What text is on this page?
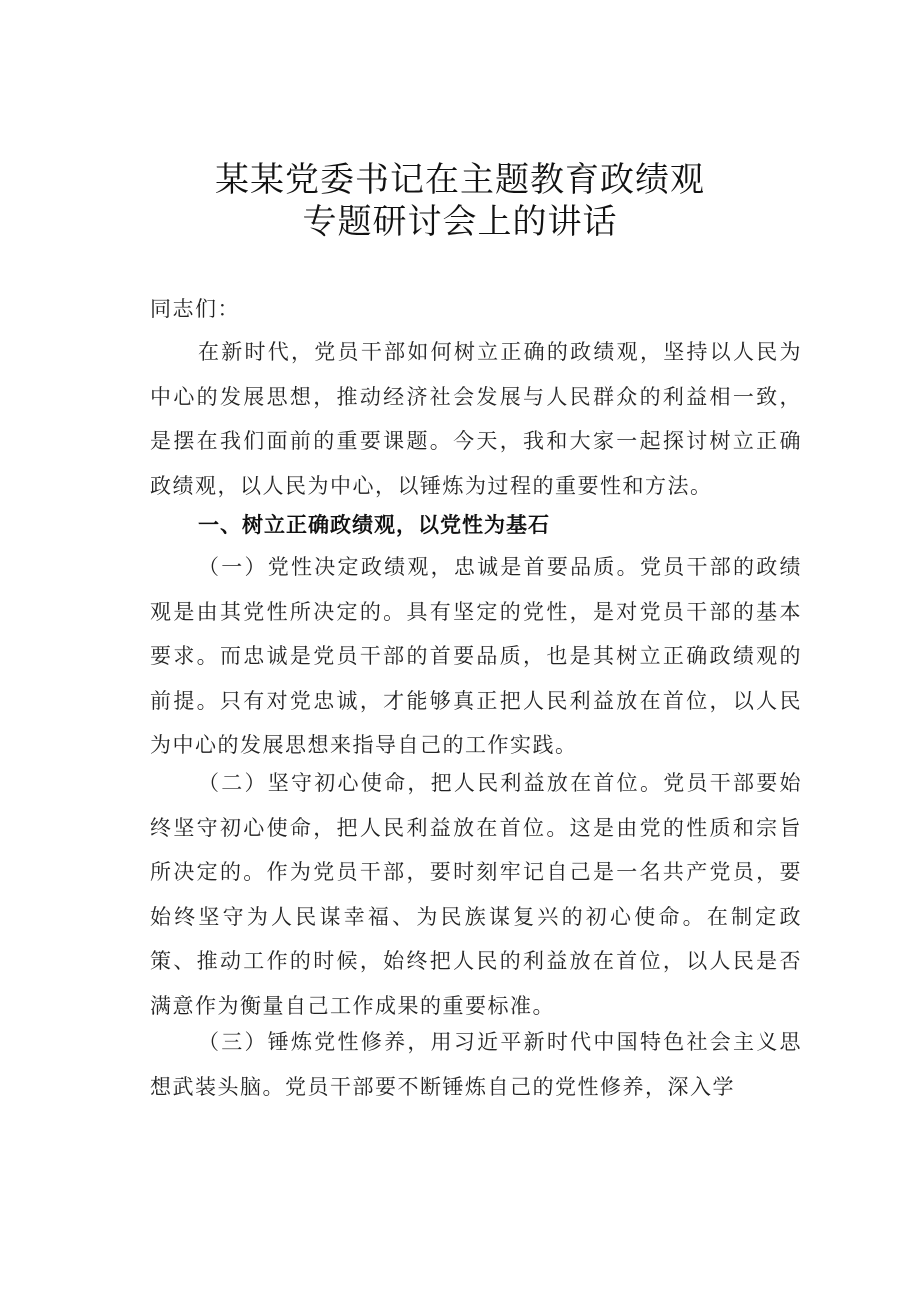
某某党委书记在主题教育政绩观
专题研讨会上的讲话

同志们：

在新时代，党员干部如何树立正确的政绩观，坚持以人民为中心的发展思想，推动经济社会发展与人民群众的利益相一致，是摆在我们面前的重要课题。今天，我和大家一起探讨树立正确政绩观，以人民为中心，以锤炼为过程的重要性和方法。

一、树立正确政绩观，以党性为基石

（一）党性决定政绩观，忠诚是首要品质。党员干部的政绩观是由其党性所决定的。具有坚定的党性，是对党员干部的基本要求。而忠诚是党员干部的首要品质，也是其树立正确政绩观的前提。只有对党忠诚，才能够真正把人民利益放在首位，以人民为中心的发展思想来指导自己的工作实践。

（二）坚守初心使命，把人民利益放在首位。党员干部要始终坚守初心使命，把人民利益放在首位。这是由党的性质和宗旨所决定的。作为党员干部，要时刻牢记自己是一名共产党员，要始终坚守为人民谋幸福、为民族谋复兴的初心使命。在制定政策、推动工作的时候，始终把人民的利益放在首位，以人民是否满意作为衡量自己工作成果的重要标准。

（三）锤炼党性修养，用习近平新时代中国特色社会主义思想武装头脑。党员干部要不断锤炼自己的党性修养，深入学
